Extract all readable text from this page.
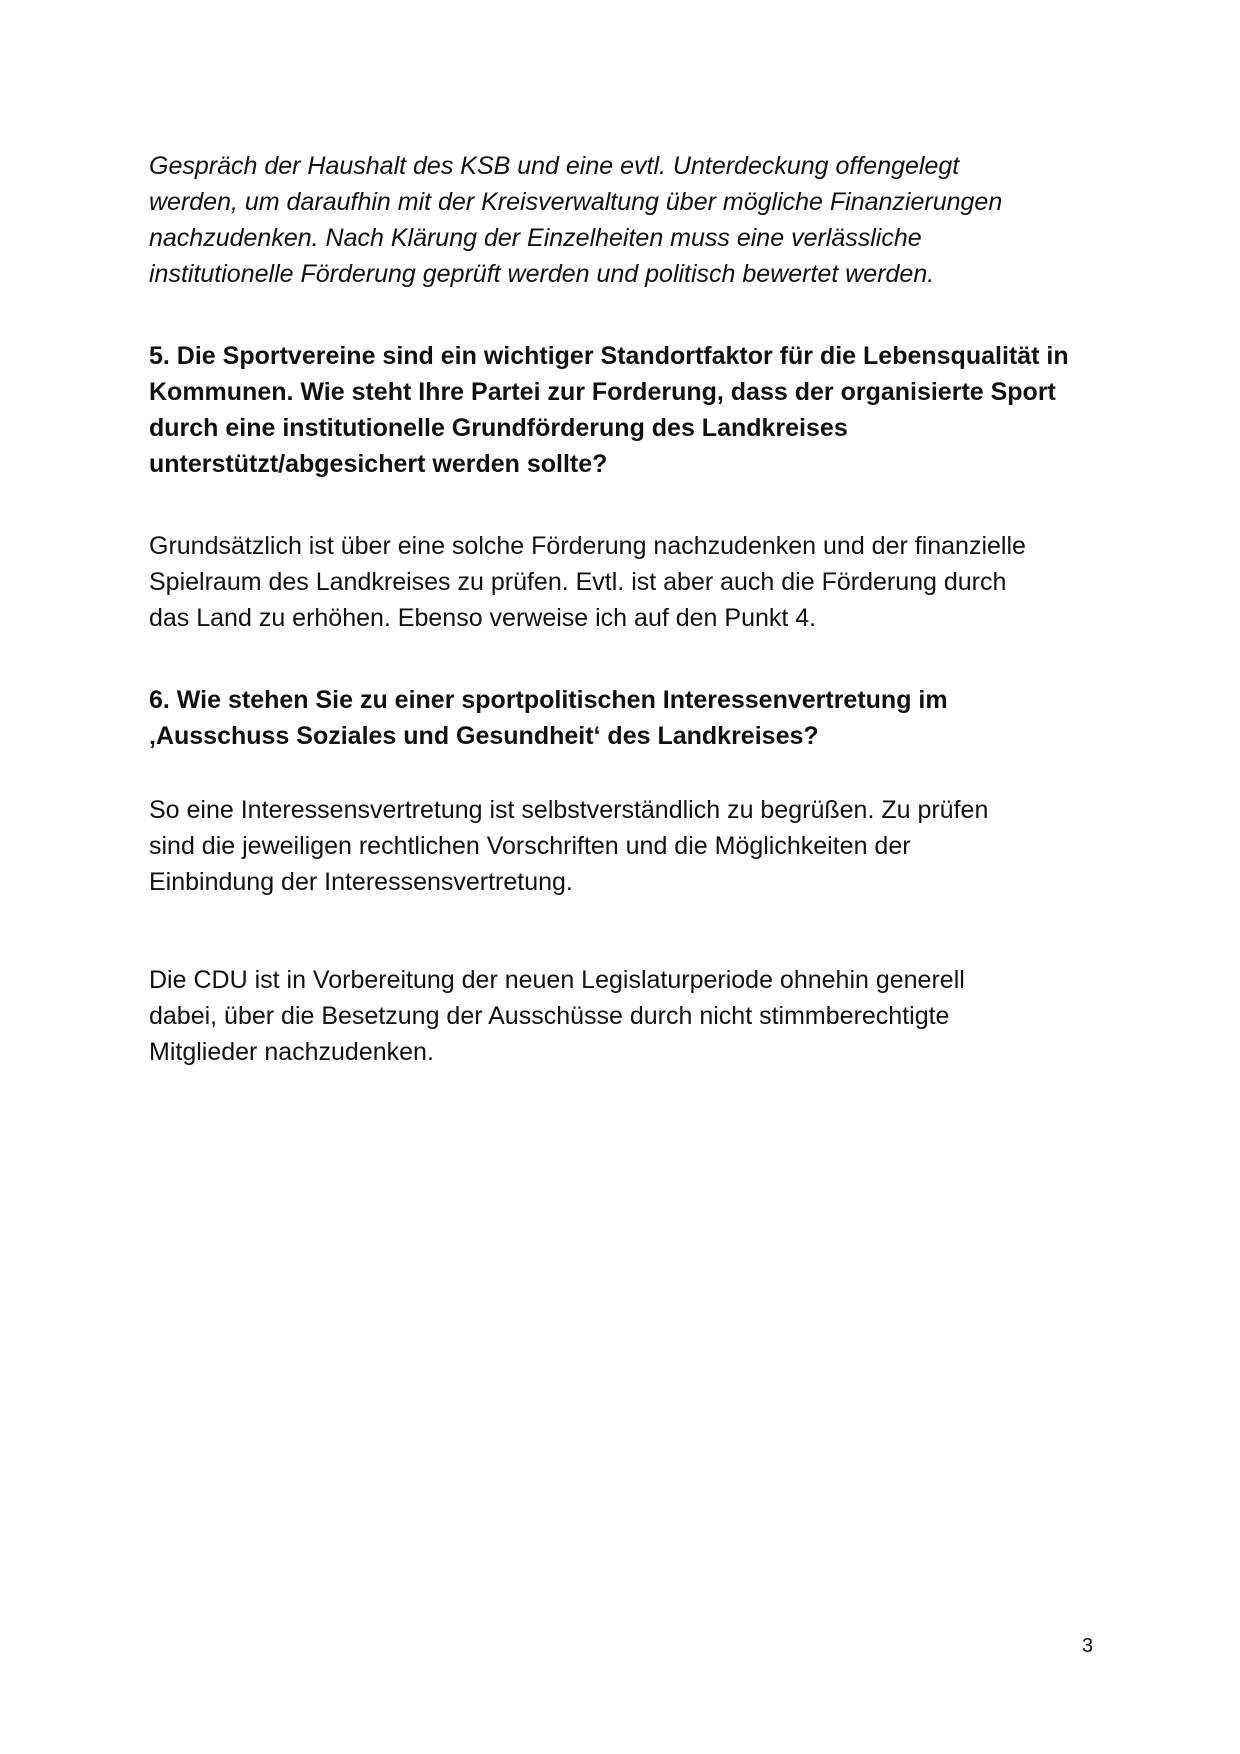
Gespräch der Haushalt des KSB und eine evtl. Unterdeckung offengelegt
werden, um daraufhin mit der Kreisverwaltung über mögliche Finanzierungen
nachzudenken. Nach Klärung der Einzelheiten muss eine verlässliche
institutionelle Förderung geprüft werden und politisch bewertet werden.

5. Die Sportvereine sind ein wichtiger Standortfaktor für die Lebensqualität in
Kommunen. Wie steht Ihre Partei zur Forderung, dass der organisierte Sport
durch eine institutionelle Grundförderung des Landkreises
unterstützt/abgesichert werden sollte?

Grundsätzlich ist über eine solche Förderung nachzudenken und der finanzielle
Spielraum des Landkreises zu prüfen. Evtl. ist aber auch die Förderung durch
das Land zu erhöhen. Ebenso verweise ich auf den Punkt 4.

6. Wie stehen Sie zu einer sportpolitischen Interessenvertretung im
‚Ausschuss Soziales und Gesundheit‘ des Landkreises?

So eine Interessensvertretung ist selbstverständlich zu begrüßen. Zu prüfen
sind die jeweiligen rechtlichen Vorschriften und die Möglichkeiten der
Einbindung der Interessensvertretung.

Die CDU ist in Vorbereitung der neuen Legislaturperiode ohnehin generell
dabei, über die Besetzung der Ausschüsse durch nicht stimmberechtigte
Mitglieder nachzudenken.

3
